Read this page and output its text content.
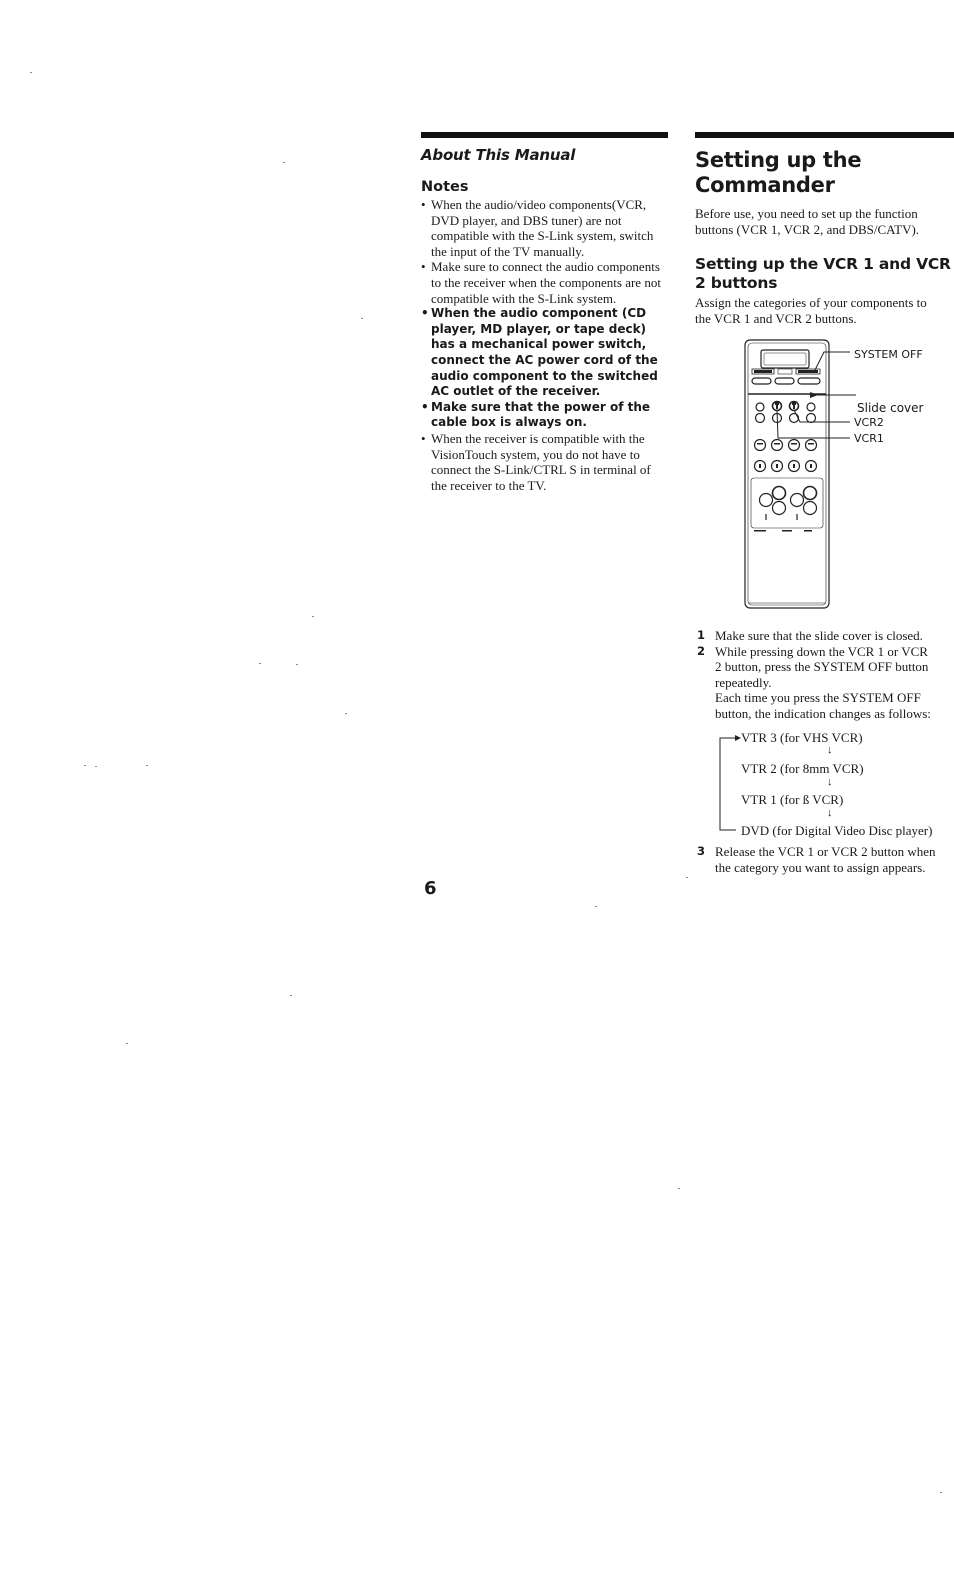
About This Manual
Notes
• When the audio/video components(VCR, DVD player, and DBS tuner) are not compatible with the S-Link system, switch the input of the TV manually.
• Make sure to connect the audio components to the receiver when the components are not compatible with the S-Link system.
• When the audio component (CD player, MD player, or tape deck) has a mechanical power switch, connect the AC power cord of the audio component to the switched AC outlet of the receiver.
• Make sure that the power of the cable box is always on.
• When the receiver is compatible with the VisionTouch system, you do not have to connect the S-Link/CTRL S in terminal of the receiver to the TV.
6
Setting up the
Commander

Before use, you need to set up the function
buttons (VCR 1, VCR 2, and DBS/CATV).

Setting up the VCR 1 and VCR
2 buttons

Assign the categories of your components to
the VCR 1 and VCR 2 buttons.

SYSTEM OFF
Slide cover
VCR2
VCR1
1 Make sure that the slide cover is closed.
2 While pressing down the VCR 1 or VCR
2 button, press the SYSTEM OFF button
repeatedly.
Each time you press the SYSTEM OFF
button, the indication changes as follows:
VTR 3 (for VHS VCR)
↓
VTR 2 (for 8mm VCR)
↓
VTR 1 (for ß VCR)
↓
DVD (for Digital Video Disc player)
3 Release the VCR 1 or VCR 2 button when
the category you want to assign appears.
